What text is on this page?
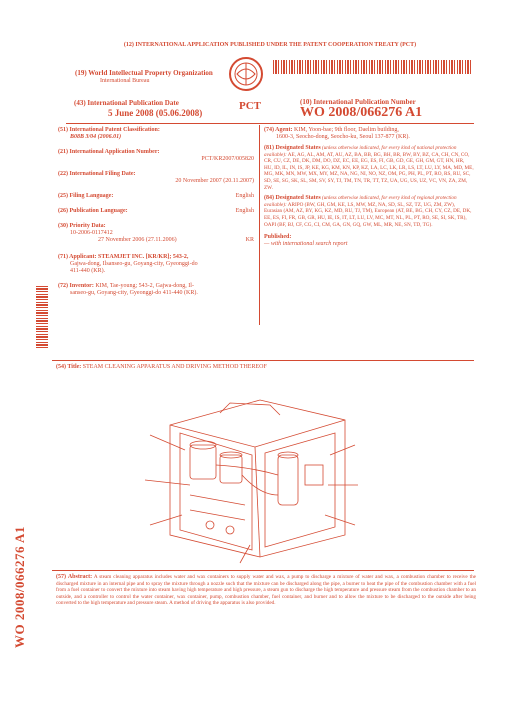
(12) INTERNATIONAL APPLICATION PUBLISHED UNDER THE PATENT COOPERATION TREATY (PCT)
(19) World Intellectual Property Organization
International Bureau
(43) International Publication Date
5 June 2008 (05.06.2008)
PCT	(10) International Publication Number
WO 2008/066276 A1
(51) International Patent Classification:
B08B 3/04 (2006.01)
(21) International Application Number:
PCT/KR2007/005820
(22) International Filing Date:
20 November 2007 (20.11.2007)
(25) Filing Language:	English
(26) Publication Language:	English
(30) Priority Data:
10-2006-0117412
27 November 2006 (27.11.2006)	KR
(71) Applicant: STEAMJET INC. [KR/KR]; 543-2,
Gajwa-dong, Ilsanseo-gu, Goyang-city, Gyeonggi-do
411-440 (KR).
(72) Inventor: KIM, Tae-young; 543-2, Gajwa-dong, Il-
sanseo-gu, Goyang-city, Gyeonggi-do 411-440 (KR).
(74) Agent: KIM, Yoon-bae; 9th floor, Daelim building,
1600-3, Seocho-dong, Seocho-ku, Seoul 137-877 (KR).
(81) Designated States (unless otherwise indicated, for every kind of national protection available): AE, AG, AL, AM, AT, AU, AZ, BA, BB, BG, BH, BR, BW, BY, BZ, CA, CH, CN, CO, CR, CU, CZ, DE, DK, DM, DO, DZ, EC, EE, EG, ES, FI, GB, GD, GE, GH, GM, GT, HN, HR, HU, ID, IL, IN, IS, JP, KE, KG, KM, KN, KP, KZ, LA, LC, LK, LR, LS, LT, LU, LY, MA, MD, ME, MG, MK, MN, MW, MX, MY, MZ, NA, NG, NI, NO, NZ, OM, PG, PH, PL, PT, RO, RS, RU, SC, SD, SE, SG, SK, SL, SM, SV, SY, TJ, TM, TN, TR, TT, TZ, UA, UG, US, UZ, VC, VN, ZA, ZM, ZW.
(84) Designated States (unless otherwise indicated, for every kind of regional protection available): ARIPO (BW, GH, GM, KE, LS, MW, MZ, NA, SD, SL, SZ, TZ, UG, ZM, ZW), Eurasian (AM, AZ, BY, KG, KZ, MD, RU, TJ, TM), European (AT, BE, BG, CH, CY, CZ, DE, DK, EE, ES, FI, FR, GB, GR, HU, IE, IS, IT, LT, LU, LV, MC, MT, NL, PL, PT, RO, SE, SI, SK, TR), OAPI (BF, BJ, CF, CG, CI, CM, GA, GN, GQ, GW, ML, MR, NE, SN, TD, TG).
Published:
— with international search report
(54) Title: STEAM CLEANING APPARATUS AND DRIVING METHOD THEREOF
(57) Abstract: A steam cleaning apparatus includes water and wax containers to supply water and wax, a pump to discharge a mixture of water and wax, a combustion chamber to receive the discharged mixture in an internal pipe and to spray the mixture through a nozzle such that the mixture can be discharged along the pipe, a burner to heat the pipe of the combustion chamber with a fuel from a fuel container to convert the mixture into steam having high temperature and high pressure, a steam gun to discharge the high temperature and pressure steam from the combustion chamber to an outside, and a controller to control the water container, wax container, pump, combustion chamber, fuel container, and burner and to allow the mixture to be discharged to the outside after being converted to the high temperature and pressure steam. A method of driving the apparatus is also provided.
WO 2008/066276 A1
